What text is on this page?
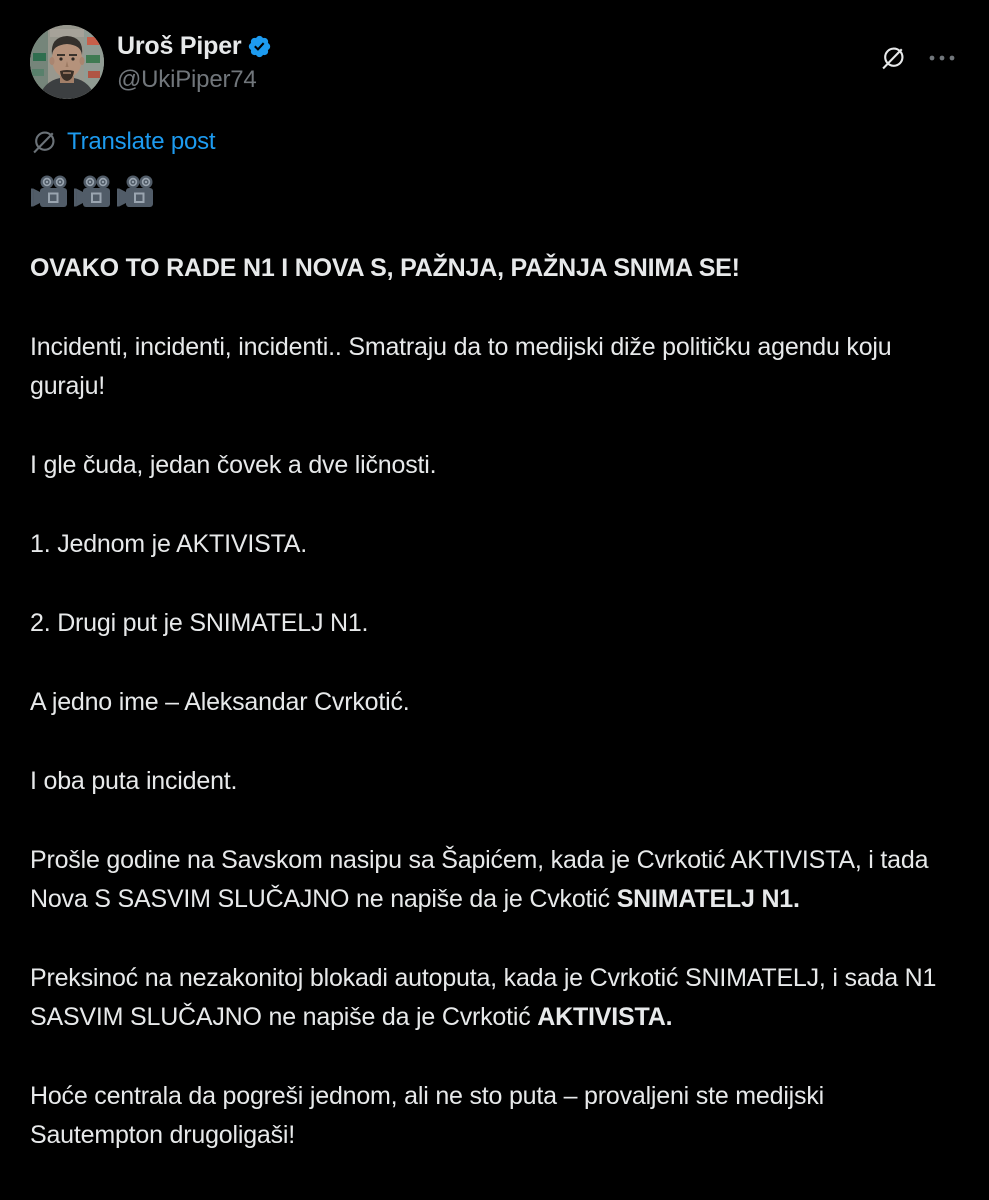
Uroš Piper
@UkiPiper74
Translate post

OVAKO TO RADE N1 I NOVA S, PAŽNJA, PAŽNJA SNIMA SE!

Incidenti, incidenti, incidenti.. Smatraju da to medijski diže političku agendu koju guraju!

I gle čuda, jedan čovek a dve ličnosti.

1. Jednom je AKTIVISTA.

2. Drugi put je SNIMATELJ N1.

A jedno ime – Aleksandar Cvrkotić.

I oba puta incident.

Prošle godine na Savskom nasipu sa Šapićem, kada je Cvrkotić AKTIVISTA, i tada Nova S SASVIM SLUČAJNO ne napiše da je Cvkotić SNIMATELJ N1.

Preksinoć na nezakonitoj blokadi autoputa, kada je Cvrkotić SNIMATELJ, i sada N1 SASVIM SLUČAJNO ne napiše da je Cvrkotić AKTIVISTA.

Hoće centrala da pogreši jednom, ali ne sto puta – provaljeni ste medijski Sautempton drugoligaši!
